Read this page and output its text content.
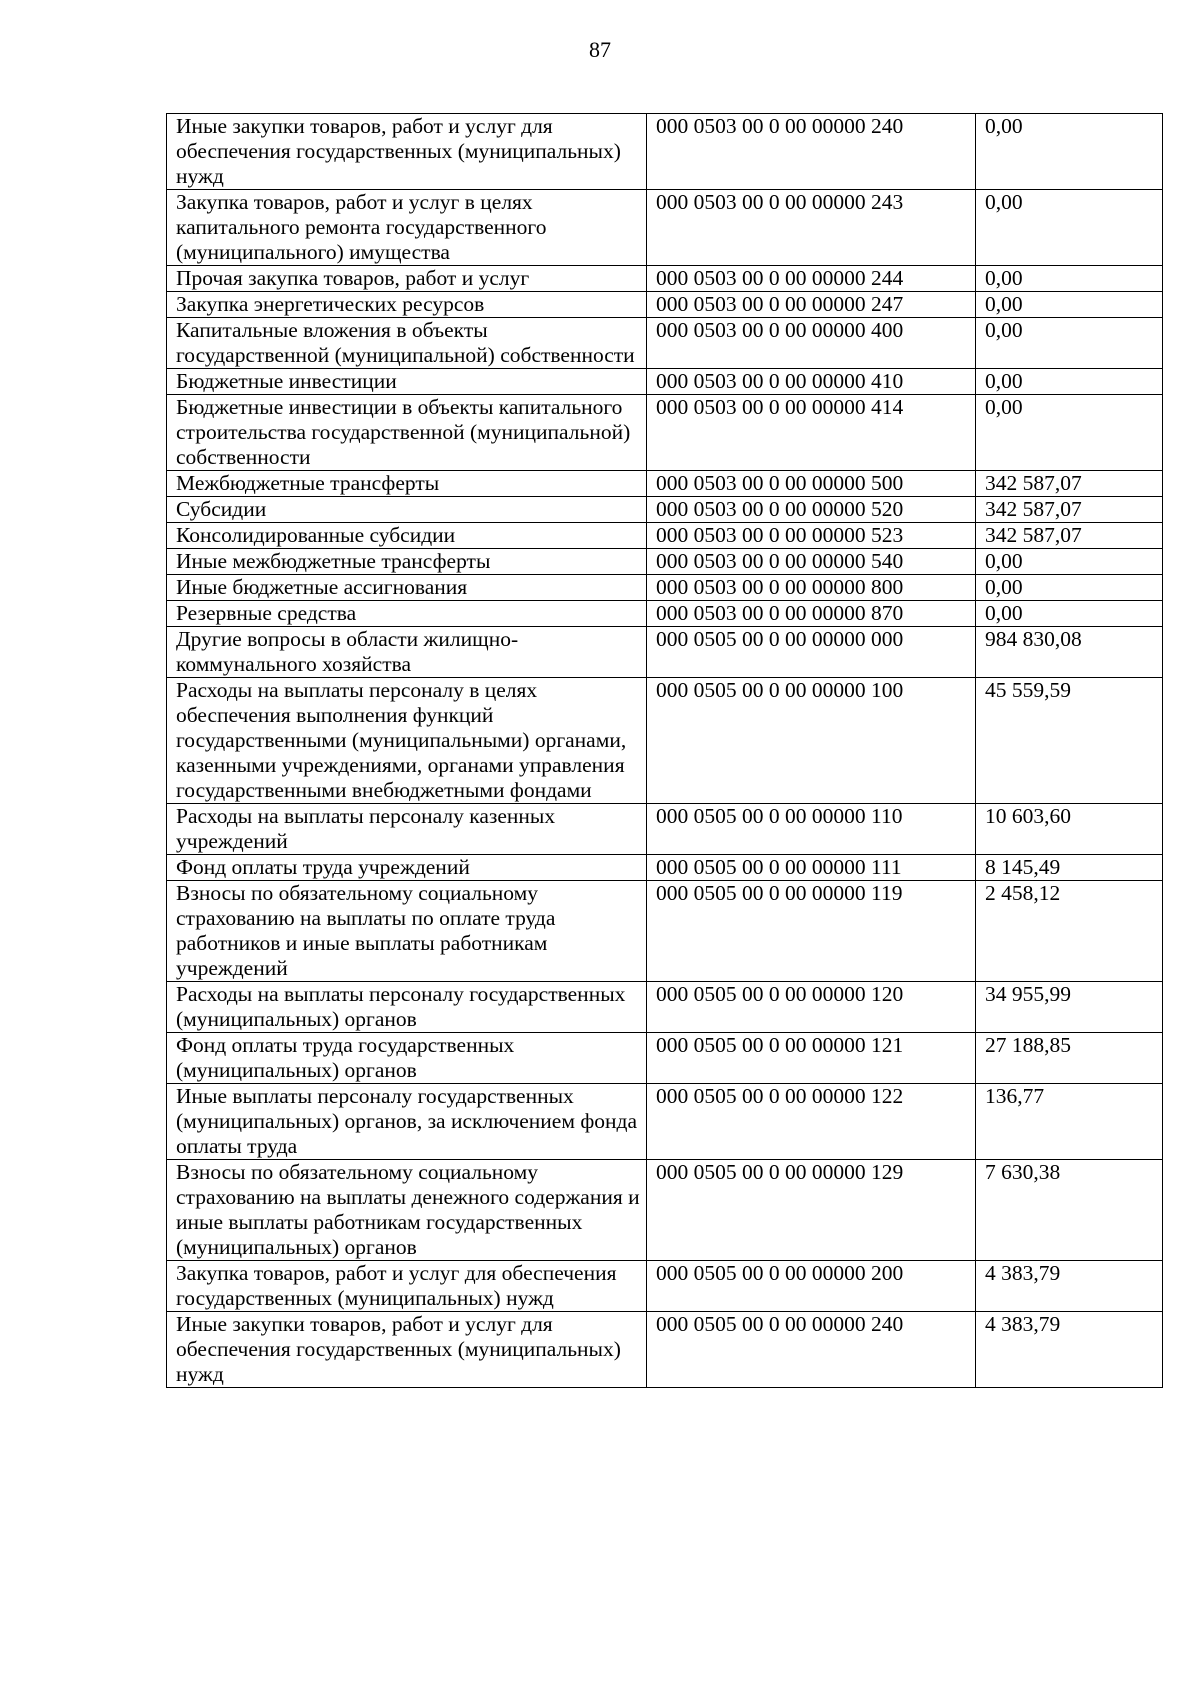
87
Иные закупки товаров, работ и услуг для обеспечения государственных (муниципальных) нужд	000 0503 00 0 00 00000 240	0,00
Закупка товаров, работ и услуг в целях капитального ремонта государственного (муниципального) имущества	000 0503 00 0 00 00000 243	0,00
Прочая закупка товаров, работ и услуг	000 0503 00 0 00 00000 244	0,00
Закупка энергетических ресурсов	000 0503 00 0 00 00000 247	0,00
Капитальные вложения в объекты государственной (муниципальной) собственности	000 0503 00 0 00 00000 400	0,00
Бюджетные инвестиции	000 0503 00 0 00 00000 410	0,00
Бюджетные инвестиции в объекты капитального строительства государственной (муниципальной) собственности	000 0503 00 0 00 00000 414	0,00
Межбюджетные трансферты	000 0503 00 0 00 00000 500	342 587,07
Субсидии	000 0503 00 0 00 00000 520	342 587,07
Консолидированные субсидии	000 0503 00 0 00 00000 523	342 587,07
Иные межбюджетные трансферты	000 0503 00 0 00 00000 540	0,00
Иные бюджетные ассигнования	000 0503 00 0 00 00000 800	0,00
Резервные средства	000 0503 00 0 00 00000 870	0,00
Другие вопросы в области жилищно-коммунального хозяйства	000 0505 00 0 00 00000 000	984 830,08
Расходы на выплаты персоналу в целях обеспечения выполнения функций государственными (муниципальными) органами, казенными учреждениями, органами управления государственными внебюджетными фондами	000 0505 00 0 00 00000 100	45 559,59
Расходы на выплаты персоналу казенных учреждений	000 0505 00 0 00 00000 110	10 603,60
Фонд оплаты труда учреждений	000 0505 00 0 00 00000 111	8 145,49
Взносы по обязательному социальному страхованию на выплаты по оплате труда работников и иные выплаты работникам учреждений	000 0505 00 0 00 00000 119	2 458,12
Расходы на выплаты персоналу государственных (муниципальных) органов	000 0505 00 0 00 00000 120	34 955,99
Фонд оплаты труда государственных (муниципальных) органов	000 0505 00 0 00 00000 121	27 188,85
Иные выплаты персоналу государственных (муниципальных) органов, за исключением фонда оплаты труда	000 0505 00 0 00 00000 122	136,77
Взносы по обязательному социальному страхованию на выплаты денежного содержания и иные выплаты работникам государственных (муниципальных) органов	000 0505 00 0 00 00000 129	7 630,38
Закупка товаров, работ и услуг для обеспечения государственных (муниципальных) нужд	000 0505 00 0 00 00000 200	4 383,79
Иные закупки товаров, работ и услуг для обеспечения государственных (муниципальных) нужд	000 0505 00 0 00 00000 240	4 383,79
